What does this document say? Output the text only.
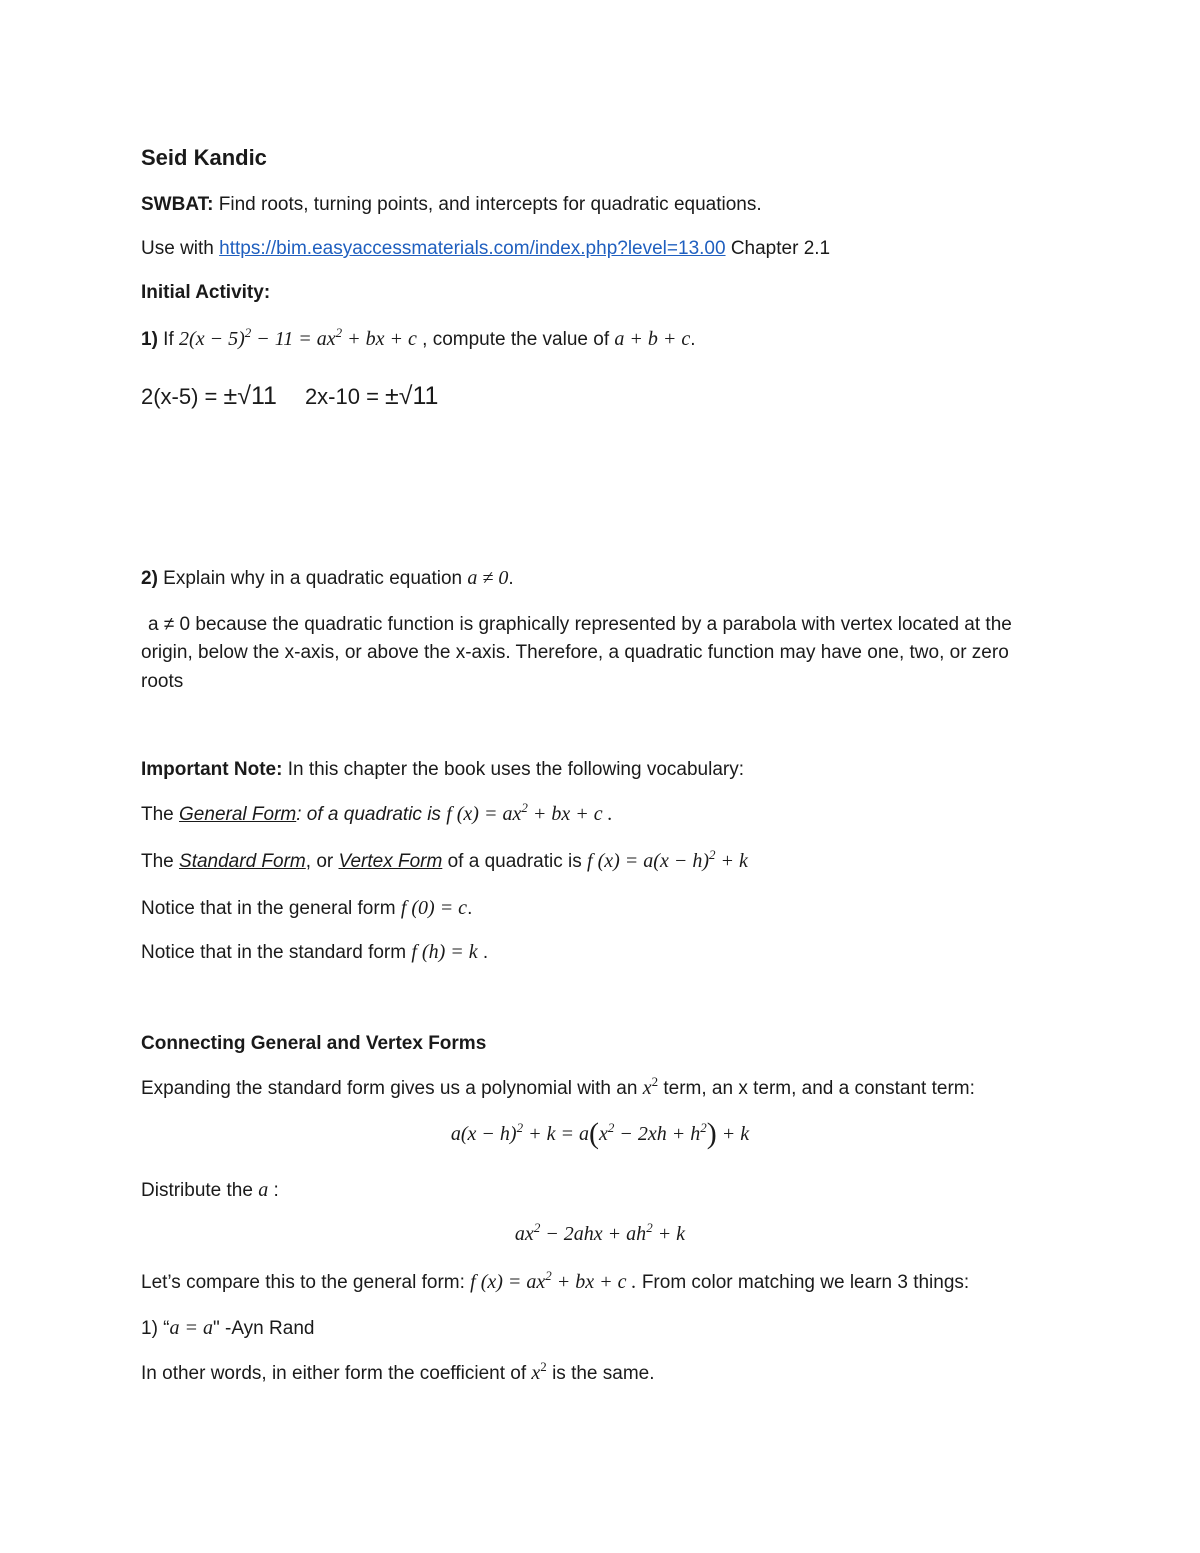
Seid Kandic
SWBAT: Find roots, turning points, and intercepts for quadratic equations.
Use with https://bim.easyaccessmaterials.com/index.php?level=13.00 Chapter 2.1
Initial Activity:
1) If $2(x - 5)^2 - 11 = ax^2$ + bx + c , compute the value of a + b + c.
2(x-5) = ±√11 2x-10 = ±√11
2) Explain why in a quadratic equation a ≠ 0.
a ≠ 0 because the quadratic function is graphically represented by a parabola with vertex located at the
origin, below the x-axis, or above the x-axis. Therefore, a quadratic function may have one, two, or zero
roots
Important Note: In this chapter the book uses the following vocabulary:
The General Form: of a quadratic is f $(x) = ax^2$ + bx + c .
The Standard Form, or Vertex Form of a quadratic is f $(x) = a(x - h)^2 + k$
Notice that in the general form f (0) = c.
Notice that in the standard form f (h) = k .
Connecting General and Vertex Forms
Expanding the standard form gives us a polynomial with an $x^2$ term, an x term, and a constant term:
$a(x - h)^2 + k = a(x^2 - 2xh + h^2) + k$
Distribute the a :
$ax^2 - 2ahx + ah^2 + k$
Let’s compare this to the general form: f $(x) = ax^2$ + bx + c . From color matching we learn 3 things:
1) “a = a" -Ayn Rand
In other words, in either form the coefficient of $x^2$ is the same.
